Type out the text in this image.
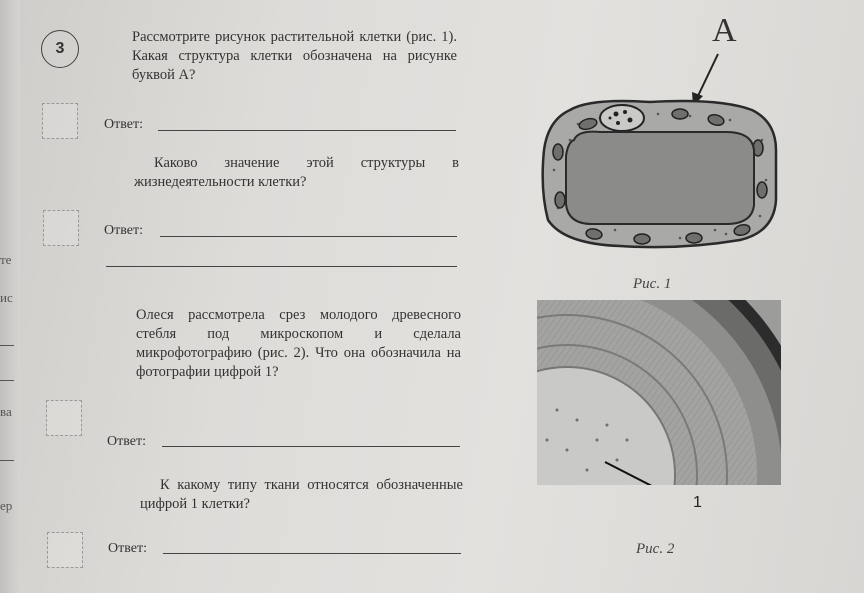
те
ис
ва
ер
3
Рассмотрите рисунок растительной клетки (рис. 1). Какая структура клетки обозначена на рисунке буквой А?
Ответ:
Каково значение этой структуры в жизнедеятельности клетки?
Ответ:
Олеся рассмотрела срез молодого древесного стебля под микроскопом и сделала микрофотографию (рис. 2). Что она обозначила на фотографии цифрой 1?
Ответ:
К какому типу ткани относятся обозначенные цифрой 1 клетки?
Ответ:
А
Рис. 1
1
Рис. 2
